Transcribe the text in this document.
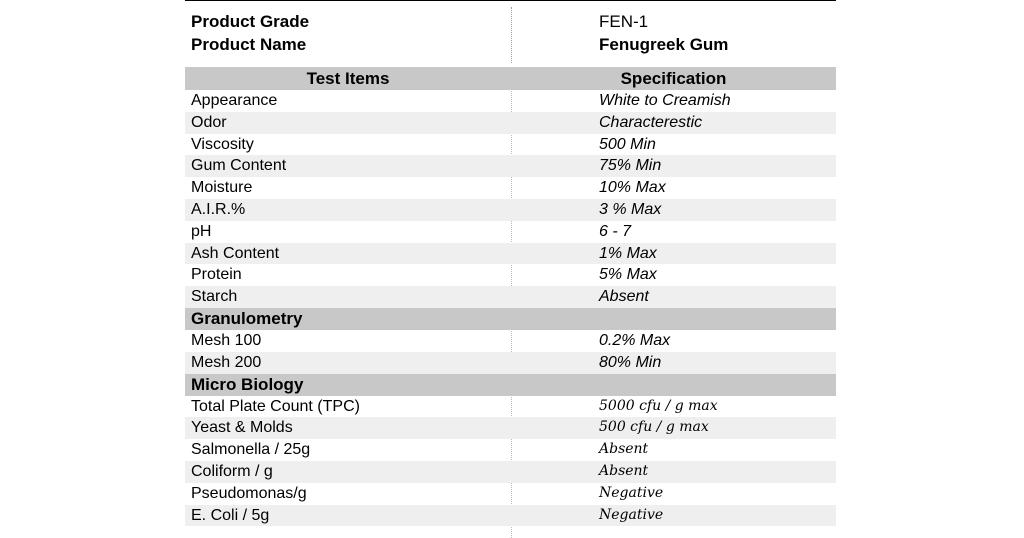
Product Grade	FEN-1
Product Name	Fenugreek Gum
Test Items	Specification
Appearance	White to Creamish
Odor	Characterestic
Viscosity	500 Min
Gum Content	75% Min
Moisture	10% Max
A.I.R.%	3 % Max
pH	6 - 7
Ash Content	1% Max
Protein	5% Max
Starch	Absent
Granulometry
Mesh 100	0.2% Max
Mesh 200	80% Min
Micro Biology
Total Plate Count (TPC)	5000 cfu / g max
Yeast & Molds	500 cfu / g max
Salmonella / 25g	Absent
Coliform / g	Absent
Pseudomonas/g	Negative
E. Coli / 5g	Negative
